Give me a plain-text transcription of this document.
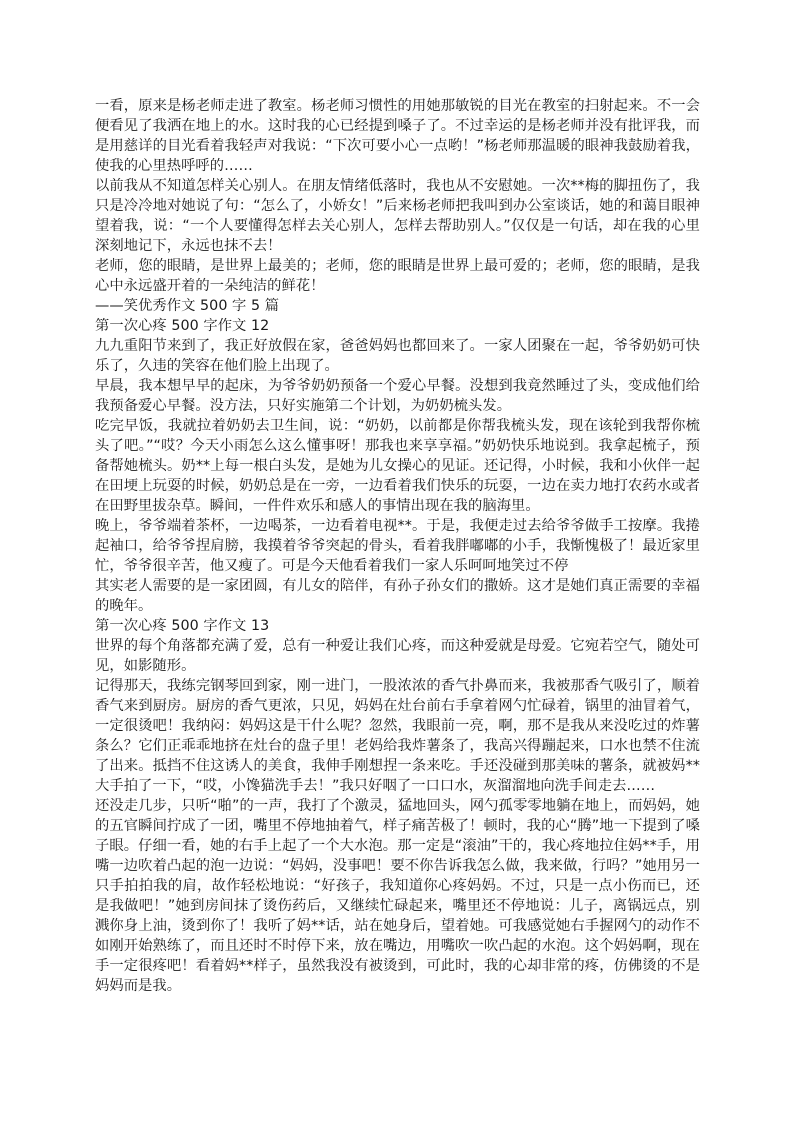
一看，原来是杨老师走进了教室。杨老师习惯性的用她那敏锐的目光在教室的扫射起来。不一会便看见了我洒在地上的水。这时我的心已经提到嗓子了。不过幸运的是杨老师并没有批评我，而是用慈详的目光看着我轻声对我说：“下次可要小心一点哟！”杨老师那温暖的眼神我鼓励着我，使我的心里热呼呼的……

以前我从不知道怎样关心别人。在朋友情绪低落时，我也从不安慰她。一次**梅的脚扭伤了，我只是冷冷地对她说了句：“怎么了，小娇女！”后来杨老师把我叫到办公室谈话，她的和蔼目眼神望着我，说：“一个人要懂得怎样去关心别人，怎样去帮助别人。”仅仅是一句话，却在我的心里深刻地记下，永远也抹不去！

老师，您的眼睛，是世界上最美的；老师，您的眼睛是世界上最可爱的；老师，您的眼睛，是我心中永远盛开着的一朵纯洁的鲜花！

——笑优秀作文 500 字 5 篇

第一次心疼 500 字作文 12

九九重阳节来到了，我正好放假在家，爸爸妈妈也都回来了。一家人团聚在一起，爷爷奶奶可快乐了，久违的笑容在他们脸上出现了。

早晨，我本想早早的起床，为爷爷奶奶预备一个爱心早餐。没想到我竟然睡过了头，变成他们给我预备爱心早餐。没方法，只好实施第二个计划，为奶奶梳头发。

吃完早饭，我就拉着奶奶去卫生间，说：“奶奶，以前都是你帮我梳头发，现在该轮到我帮你梳头了吧。”“哎？今天小雨怎么这么懂事呀！那我也来享享福。”奶奶快乐地说到。我拿起梳子，预备帮她梳头。奶**上每一根白头发，是她为儿女操心的见证。还记得，小时候，我和小伙伴一起在田埂上玩耍的时候，奶奶总是在一旁，一边看着我们快乐的玩耍，一边在卖力地打农药水或者在田野里拔杂草。瞬间，一件件欢乐和感人的事情出现在我的脑海里。

晚上，爷爷端着茶杯，一边喝茶，一边看着电视**。于是，我便走过去给爷爷做手工按摩。我捲起袖口，给爷爷捏肩膀，我摸着爷爷突起的骨头，看着我胖嘟嘟的小手，我惭愧极了！最近家里忙，爷爷很辛苦，他又瘦了。可是今天他看着我们一家人乐呵呵地笑过不停

其实老人需要的是一家团圆，有儿女的陪伴，有孙子孙女们的撒娇。这才是她们真正需要的幸福的晚年。

第一次心疼 500 字作文 13

世界的每个角落都充满了爱，总有一种爱让我们心疼，而这种爱就是母爱。它宛若空气，随处可见，如影随形。

记得那天，我练完钢琴回到家，刚一进门，一股浓浓的香气扑鼻而来，我被那香气吸引了，顺着香气来到厨房。厨房的香气更浓，只见，妈妈在灶台前右手拿着网勺忙碌着，锅里的油冒着气，一定很烫吧！我纳闷：妈妈这是干什么呢？忽然，我眼前一亮，啊，那不是我从来没吃过的炸薯条么？它们正乖乖地挤在灶台的盘子里！老妈给我炸薯条了，我高兴得蹦起来，口水也禁不住流了出来。抵挡不住这诱人的美食，我伸手刚想捏一条来吃。手还没碰到那美味的薯条，就被妈**大手拍了一下，“哎，小馋猫洗手去！”我只好咽了一口口水，灰溜溜地向洗手间走去……

还没走几步，只听“啪”的一声，我打了个激灵，猛地回头，网勺孤零零地躺在地上，而妈妈，她的五官瞬间拧成了一团，嘴里不停地抽着气，样子痛苦极了！顿时，我的心“腾”地一下提到了嗓子眼。仔细一看，她的右手上起了一个大水泡。那一定是“滚油”干的，我心疼地拉住妈**手，用嘴一边吹着凸起的泡一边说：“妈妈，没事吧！要不你告诉我怎么做，我来做，行吗？”她用另一只手拍拍我的肩，故作轻松地说：“好孩子，我知道你心疼妈妈。不过，只是一点小伤而已，还是我做吧！”她到房间抹了烫伤药后，又继续忙碌起来，嘴里还不停地说：儿子，离锅远点，别溅你身上油，烫到你了！我听了妈**话，站在她身后，望着她。可我感觉她右手握网勺的动作不如刚开始熟练了，而且还时不时停下来，放在嘴边，用嘴吹一吹凸起的水泡。这个妈妈啊，现在手一定很疼吧！看着妈**样子，虽然我没有被烫到，可此时，我的心却非常的疼，仿佛烫的不是妈妈而是我。
